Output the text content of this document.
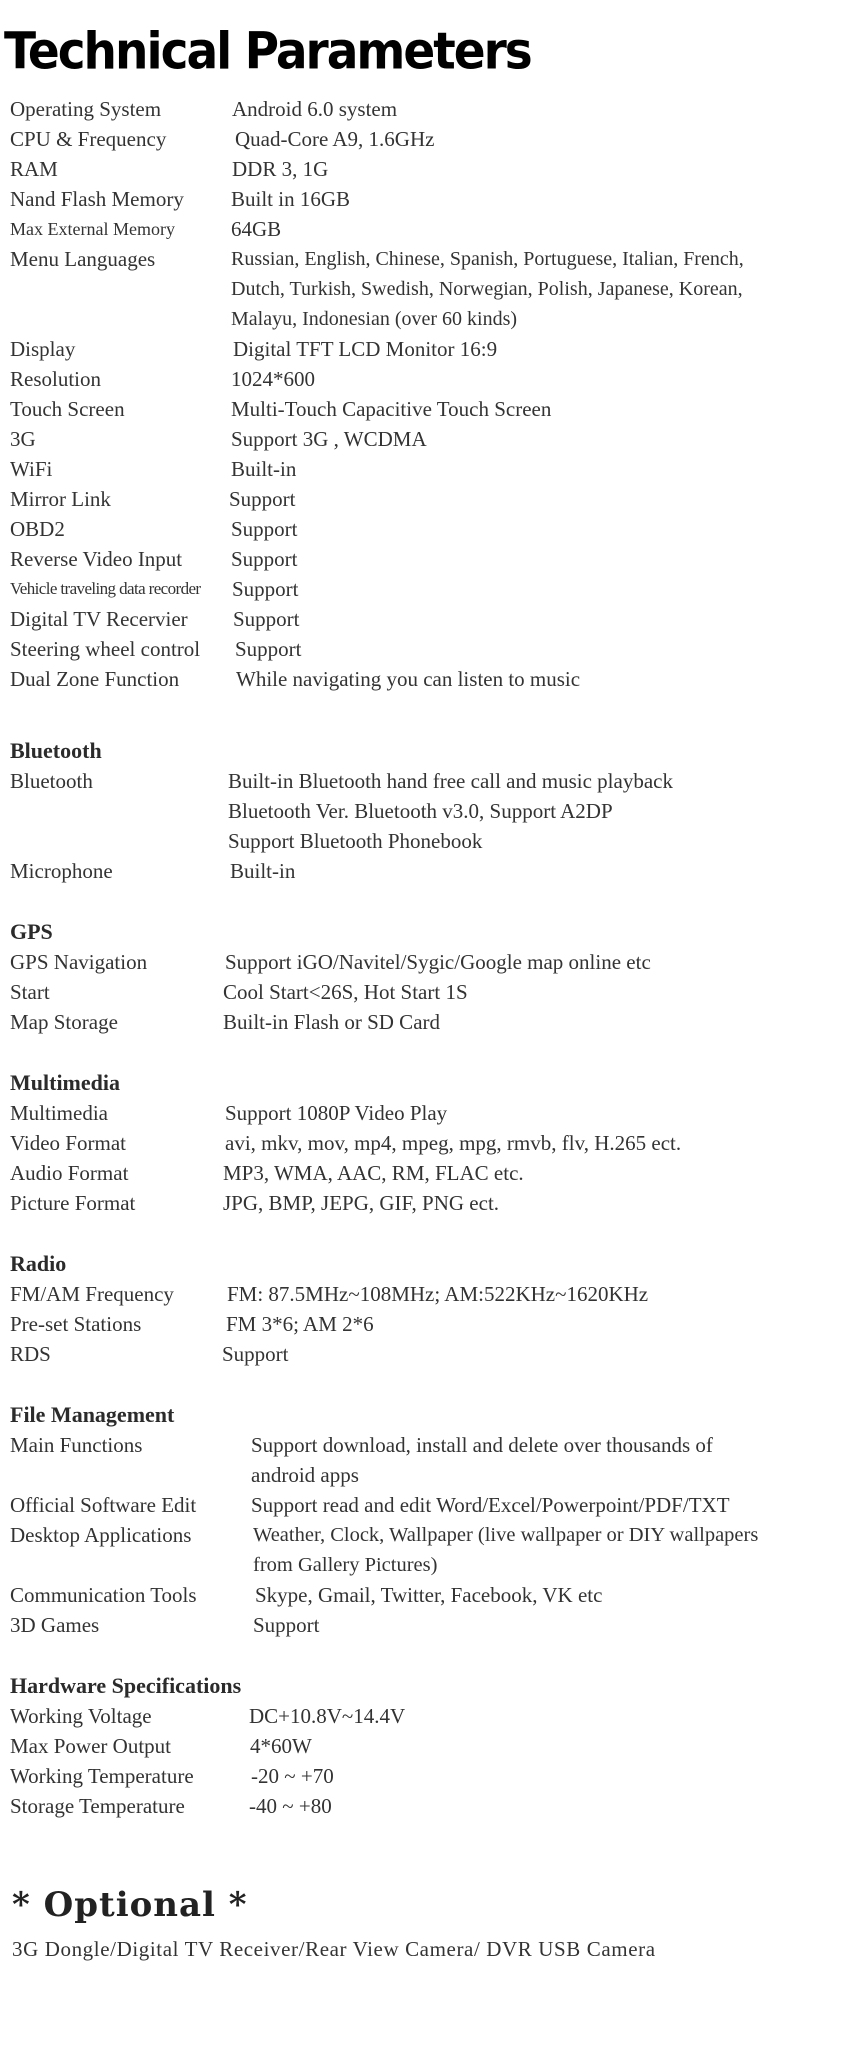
Technical Parameters
Operating System	Android 6.0 system
CPU & Frequency	Quad-Core A9, 1.6GHz
RAM	DDR 3, 1G
Nand Flash Memory Built in 16GB
Max External Memory	64GB
Menu Languages	Russian, English, Chinese, Spanish, Portuguese, Italian, French,
Dutch, Turkish, Swedish, Norwegian, Polish, Japanese, Korean,
Malayu, Indonesian (over 60 kinds)
Display	Digital TFT LCD Monitor 16:9
Resolution	1024*600
Touch Screen	Multi-Touch Capacitive Touch Screen
3G	Support 3G , WCDMA
WiFi	Built-in
Mirror Link	Support
OBD2	Support
Reverse Video Input Support
Vehicle traveling data recorder Support
Digital TV Recervier Support
Steering wheel control Support
Dual Zone Function	While navigating you can listen to music
Bluetooth
Bluetooth	Built-in Bluetooth hand free call and music playback
Bluetooth Ver. Bluetooth v3.0, Support A2DP
Support Bluetooth Phonebook
Microphone	Built-in
GPS
GPS Navigation	Support iGO/Navitel/Sygic/Google map online etc
Start	Cool Start<26S, Hot Start 1S
Map Storage	Built-in Flash or SD Card
Multimedia
Multimedia	Support 1080P Video Play
Video Format	avi, mkv, mov, mp4, mpeg, mpg, rmvb, flv, H.265 ect.
Audio Format	MP3, WMA, AAC, RM, FLAC etc.
Picture Format	JPG, BMP, JEPG, GIF, PNG ect.
Radio
FM/AM Frequency	FM: 87.5MHz~108MHz; AM:522KHz~1620KHz
Pre-set Stations	FM 3*6; AM 2*6
RDS	Support
File Management
Main Functions	Support download, install and delete over thousands of
android apps
Official Software Edit	Support read and edit Word/Excel/Powerpoint/PDF/TXT
Desktop Applications	Weather, Clock, Wallpaper (live wallpaper or DIY wallpapers
from Gallery Pictures)
Communication Tools	Skype, Gmail, Twitter, Facebook, VK etc
3D Games	Support
Hardware Specifications
Working Voltage	DC+10.8V~14.4V
Max Power Output	4*60W
Working Temperature	-20 ~ +70
Storage Temperature	-40 ~ +80
* Optional *
3G Dongle/Digital TV Receiver/Rear View Camera/ DVR USB Camera
